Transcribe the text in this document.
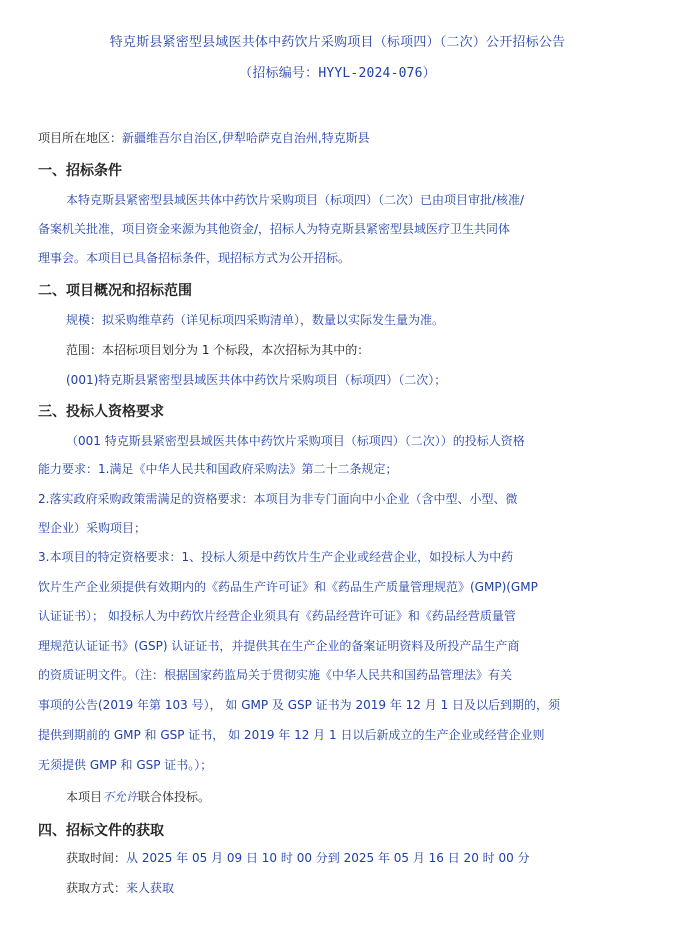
特克斯县紧密型县域医共体中药饮片采购项目（标项四）（二次）公开招标公告
（招标编号：HYYL-2024-076）
项目所在地区：新疆维吾尔自治区,伊犁哈萨克自治州,特克斯县
一、招标条件
本特克斯县紧密型县域医共体中药饮片采购项目（标项四）（二次）已由项目审批/核准/
备案机关批准，项目资金来源为其他资金/，招标人为特克斯县紧密型县域医疗卫生共同体
理事会。本项目已具备招标条件，现招标方式为公开招标。
二、项目概况和招标范围
规模：拟采购维草药（详见标项四采购清单），数量以实际发生量为准。
范围：本招标项目划分为 1 个标段，本次招标为其中的：
(001)特克斯县紧密型县域医共体中药饮片采购项目（标项四）（二次）；
三、投标人资格要求
（001 特克斯县紧密型县域医共体中药饮片采购项目（标项四）（二次））的投标人资格
能力要求：1.满足《中华人民共和国政府采购法》第二十二条规定；
2.落实政府采购政策需满足的资格要求：本项目为非专门面向中小企业（含中型、小型、微
型企业）采购项目；
3.本项目的特定资格要求：1、投标人须是中药饮片生产企业或经营企业，如投标人为中药
饮片生产企业须提供有效期内的《药品生产许可证》和《药品生产质量管理规范》(GMP)(GMP
认证证书）； 如投标人为中药饮片经营企业须具有《药品经营许可证》和《药品经营质量管
理规范认证证书》(GSP) 认证证书，并提供其在生产企业的备案证明资料及所投产品生产商
的资质证明文件。（注：根据国家药监局关于贯彻实施《中华人民共和国药品管理法》有关
事项的公告(2019 年第 103 号）， 如 GMP 及 GSP 证书为 2019 年 12 月 1 日及以后到期的，须
提供到期前的 GMP 和 GSP 证书， 如 2019 年 12 月 1 日以后新成立的生产企业或经营企业则
无须提供 GMP 和 GSP 证书。）；
本项目不允许联合体投标。
四、招标文件的获取
获取时间：从 2025 年 05 月 09 日 10 时 00 分到 2025 年 05 月 16 日 20 时 00 分
获取方式：来人获取
